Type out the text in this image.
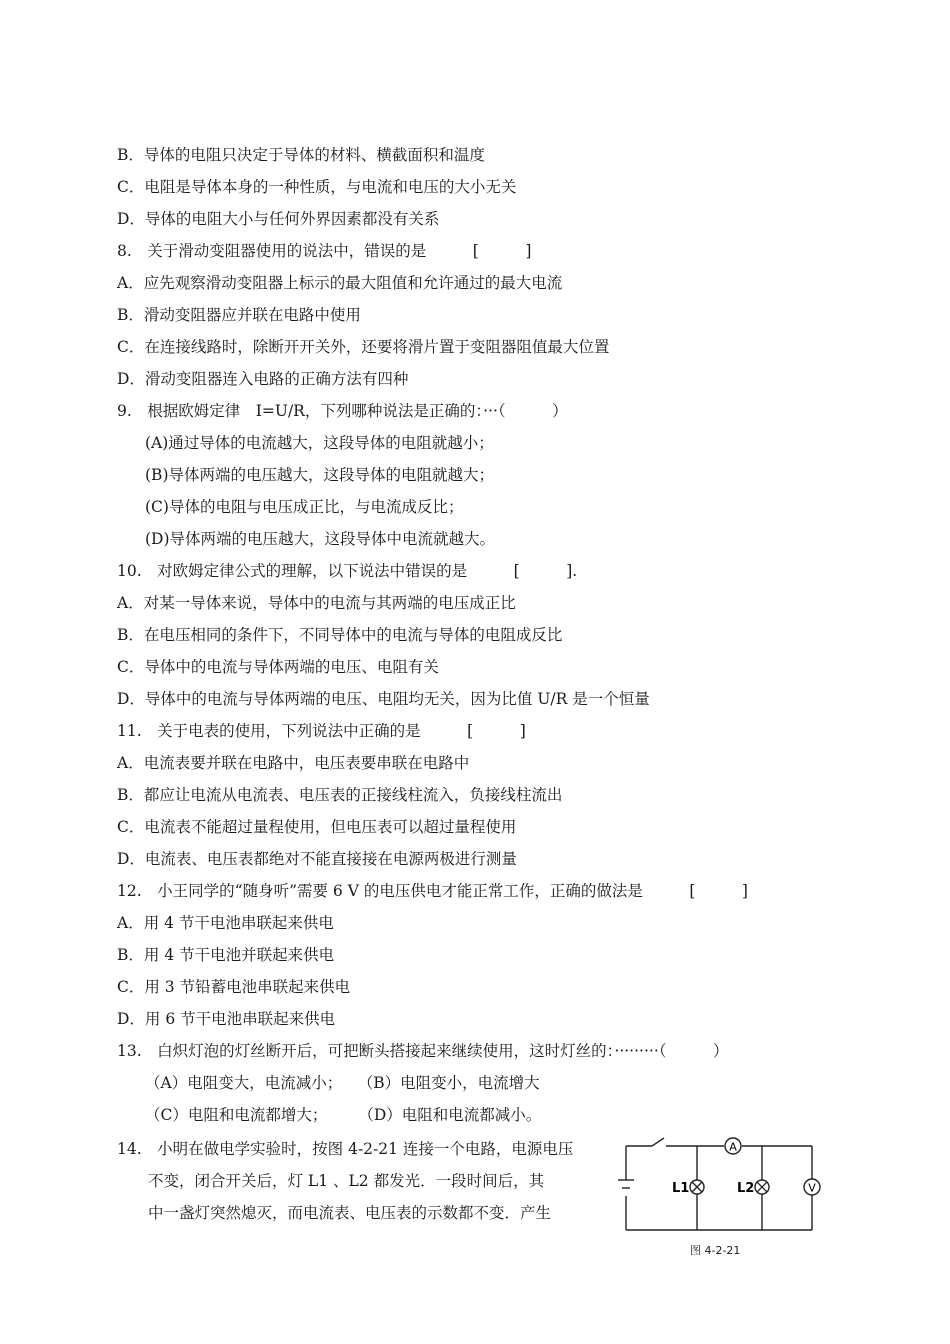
B．导体的电阻只决定于导体的材料、横截面积和温度
C．电阻是导体本身的一种性质，与电流和电压的大小无关
D．导体的电阻大小与任何外界因素都没有关系
8.　关于滑动变阻器使用的说法中，错误的是　　　[　　　]
A．应先观察滑动变阻器上标示的最大阻值和允许通过的最大电流
B．滑动变阻器应并联在电路中使用
C．在连接线路时，除断开开关外，还要将滑片置于变阻器阻值最大位置
D．滑动变阻器连入电路的正确方法有四种
9.　根据欧姆定律　I=U/R，下列哪种说法是正确的：···（　　　）
(A)通过导体的电流越大，这段导体的电阻就越小；
(B)导体两端的电压越大，这段导体的电阻就越大；
(C)导体的电阻与电压成正比，与电流成反比；
(D)导体两端的电压越大，这段导体中电流就越大。
10.　对欧姆定律公式的理解，以下说法中错误的是　　　[　　　].
A．对某一导体来说，导体中的电流与其两端的电压成正比
B．在电压相同的条件下，不同导体中的电流与导体的电阻成反比
C．导体中的电流与导体两端的电压、电阻有关
D．导体中的电流与导体两端的电压、电阻均无关，因为比值 U/R 是一个恒量
11.　关于电表的使用，下列说法中正确的是　　　[　　　]
A．电流表要并联在电路中，电压表要串联在电路中
B．都应让电流从电流表、电压表的正接线柱流入，负接线柱流出
C．电流表不能超过量程使用，但电压表可以超过量程使用
D．电流表、电压表都绝对不能直接接在电源两极进行测量
12.　小王同学的“随身听”需要 6 V 的电压供电才能正常工作，正确的做法是　　　[　　　]
A．用 4 节干电池串联起来供电
B．用 4 节干电池并联起来供电
C．用 3 节铅蓄电池串联起来供电
D．用 6 节干电池串联起来供电
13.　白炽灯泡的灯丝断开后，可把断头搭接起来继续使用，这时灯丝的：·········（　　　）
（A）电阻变大，电流减小；　　（B）电阻变小，电流增大
（C）电阻和电流都增大；　　　（D）电阻和电流都减小。
14.　小明在做电学实验时，按图 4-2-21 连接一个电路，电源电压
不变，闭合开关后，灯 L1 、L2 都发光．一段时间后，其
中一盏灯突然熄灭，而电流表、电压表的示数都不变．产生
A
L1	L2	V
图 4-2-21
